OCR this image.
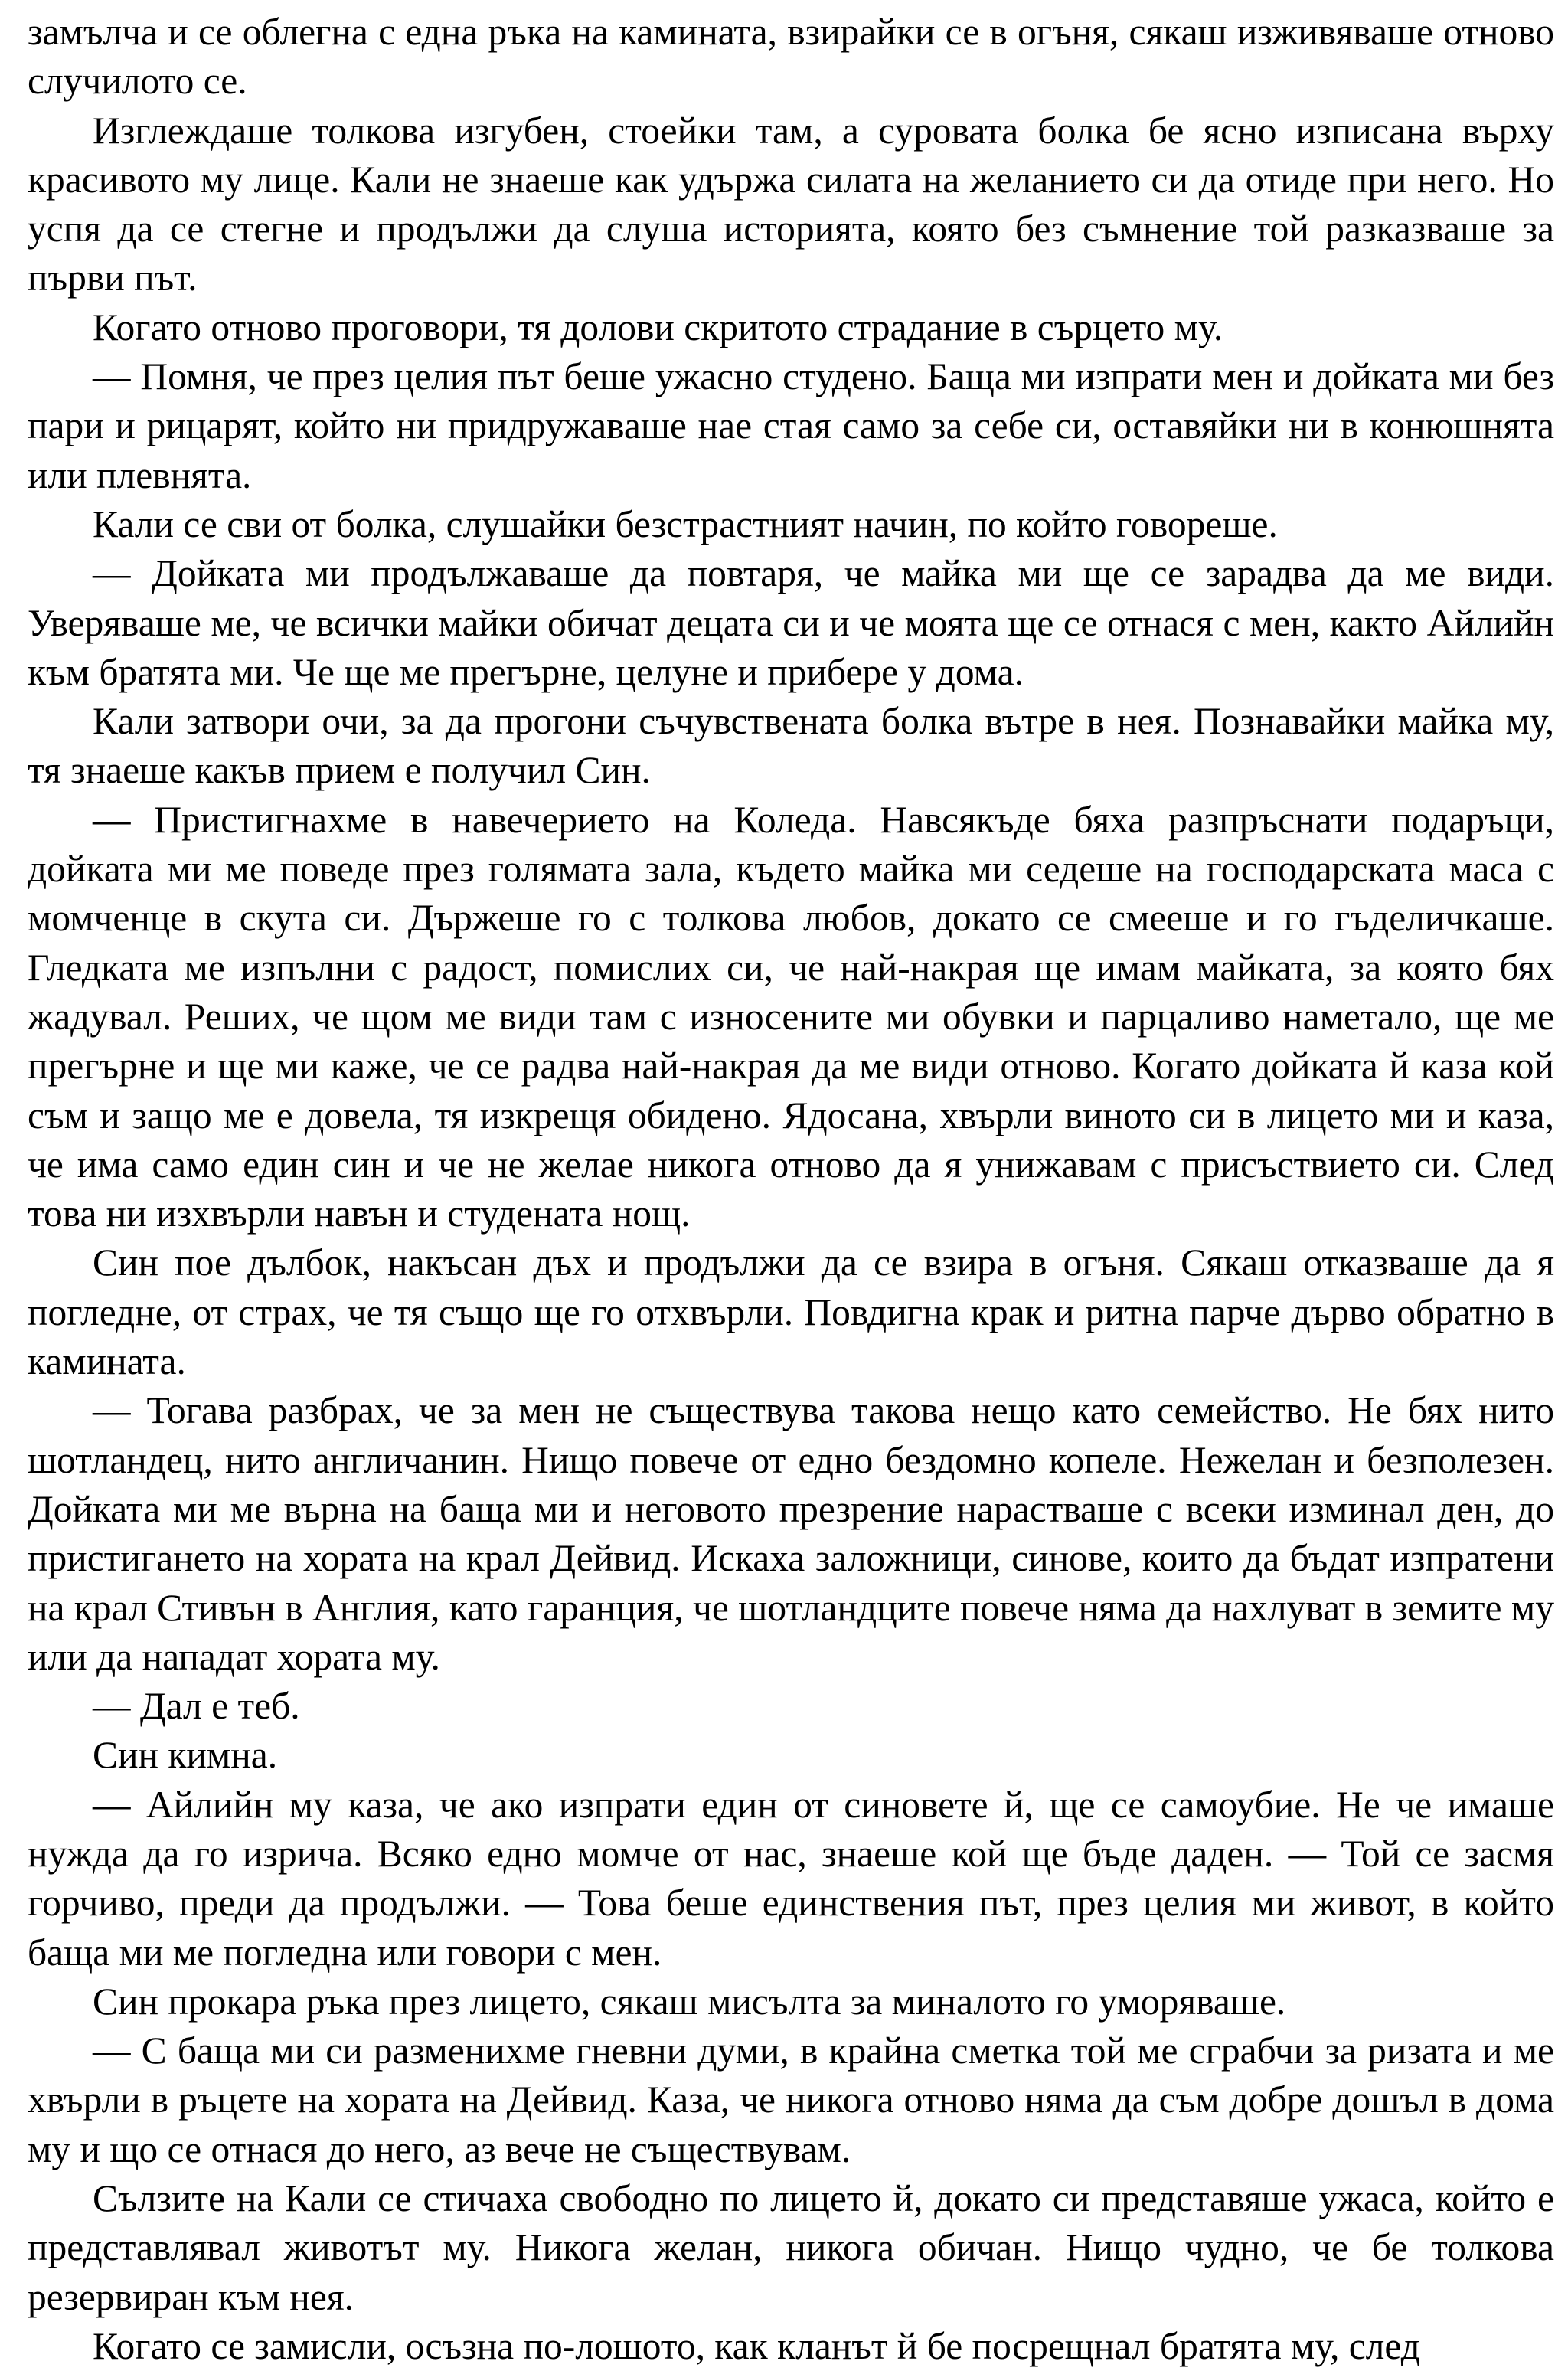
замълча и се облегна с една ръка на камината, взирайки се в огъня, сякаш изживяваше отново случилото се.

Изглеждаше толкова изгубен, стоейки там, а суровата болка бе ясно изписана върху красивото му лице. Кали не знаеше как удържа силата на желанието си да отиде при него. Но успя да се стегне и продължи да слуша историята, която без съмнение той разказваше за първи път.

Когато отново проговори, тя долови скритото страдание в сърцето му.

— Помня, че през целия път беше ужасно студено. Баща ми изпрати мен и дойката ми без пари и рицарят, който ни придружаваше нае стая само за себе си, оставяйки ни в конюшнята или плевнята.

Кали се сви от болка, слушайки безстрастният начин, по който говореше.

— Дойката ми продължаваше да повтаря, че майка ми ще се зарадва да ме види. Уверяваше ме, че всички майки обичат децата си и че моята ще се отнася с мен, както Айлийн към братята ми. Че ще ме прегърне, целуне и прибере у дома.

Кали затвори очи, за да прогони съчувствената болка вътре в нея. Познавайки майка му, тя знаеше какъв прием е получил Син.

— Пристигнахме в навечерието на Коледа. Навсякъде бяха разпръснати подаръци, дойката ми ме поведе през голямата зала, където майка ми седеше на господарската маса с момченце в скута си. Държеше го с толкова любов, докато се смееше и го гъделичкаше. Гледката ме изпълни с радост, помислих си, че най-накрая ще имам майката, за която бях жадувал. Реших, че щом ме види там с износените ми обувки и парцаливо наметало, ще ме прегърне и ще ми каже, че се радва най-накрая да ме види отново. Когато дойката й каза кой съм и защо ме е довела, тя изкрещя обидено. Ядосана, хвърли виното си в лицето ми и каза, че има само един син и че не желае никога отново да я унижавам с присъствието си. След това ни изхвърли навън и студената нощ.

Син пое дълбок, накъсан дъх и продължи да се взира в огъня. Сякаш отказваше да я погледне, от страх, че тя също ще го отхвърли. Повдигна крак и ритна парче дърво обратно в камината.

— Тогава разбрах, че за мен не съществува такова нещо като семейство. Не бях нито шотландец, нито англичанин. Нищо повече от едно бездомно копеле. Нежелан и безполезен. Дойката ми ме върна на баща ми и неговото презрение нарастваше с всеки изминал ден, до пристигането на хората на крал Дейвид. Искаха заложници, синове, които да бъдат изпратени на крал Стивън в Англия, като гаранция, че шотландците повече няма да нахлуват в земите му или да нападат хората му.

— Дал е теб.

Син кимна.

— Айлийн му каза, че ако изпрати един от синовете й, ще се самоубие. Не че имаше нужда да го изрича. Всяко едно момче от нас, знаеше кой ще бъде даден. — Той се засмя горчиво, преди да продължи. — Това беше единствения път, през целия ми живот, в който баща ми ме погледна или говори с мен.

Син прокара ръка през лицето, сякаш мисълта за миналото го уморяваше.

— С баща ми си разменихме гневни думи, в крайна сметка той ме сграбчи за ризата и ме хвърли в ръцете на хората на Дейвид. Каза, че никога отново няма да съм добре дошъл в дома му и що се отнася до него, аз вече не съществувам.

Сълзите на Кали се стичаха свободно по лицето й, докато си представяше ужаса, който е представлявал животът му. Никога желан, никога обичан. Нищо чудно, че бе толкова резервиран към нея.

Когато се замисли, осъзна по-лошото, как кланът й бе посрещнал братята му, след
